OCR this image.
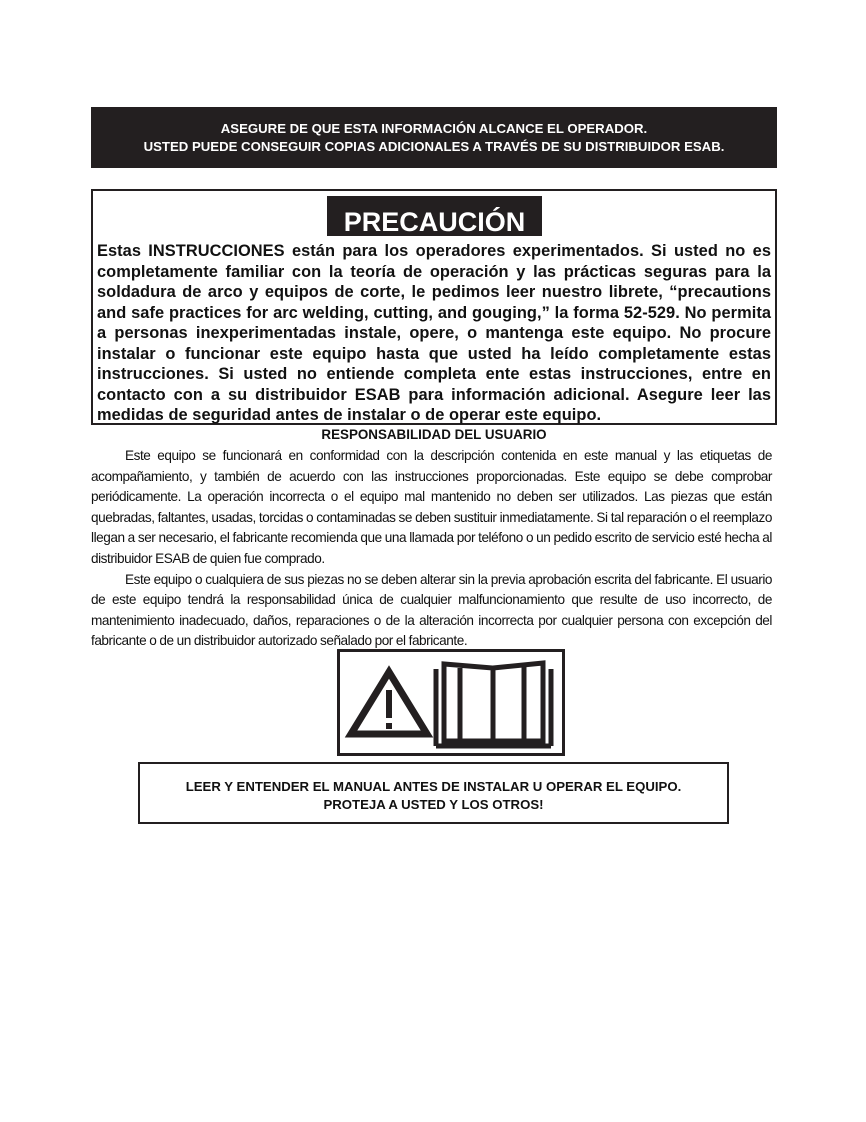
ASEGURE DE QUE ESTA INFORMACIÓN ALCANCE EL OPERADOR.
USTED PUEDE CONSEGUIR COPIAS ADICIONALES A TRAVÉS DE SU DISTRIBUIDOR ESAB.
PRECAUCIÓN
Estas INSTRUCCIONES están para los operadores experimentados. Si usted no es completamente familiar con la teoría de operación y las prácticas seguras para la soldadura de arco y equipos de corte, le pedimos leer nuestro librete, “precautions and safe practices for arc welding, cutting, and gouging,” la forma 52-529. No permita a personas inexperimentadas instale, opere, o mantenga este equipo. No procure instalar o funcionar este equipo hasta que usted ha leído completamente estas instrucciones. Si usted no entiende completa ente estas instrucciones, entre en contacto con a su distribuidor ESAB para información adicional. Asegure leer las medidas de seguridad antes de instalar o de operar este equipo.
RESPONSABILIDAD DEL USUARIO

Este equipo se funcionará en conformidad con la descripción contenida en este manual y las etiquetas de acompañamiento, y también de acuerdo con las instrucciones proporcionadas. Este equipo se debe comprobar periódicamente. La operación incorrecta o el equipo mal mantenido no deben ser utilizados. Las piezas que están quebradas, faltantes, usadas, torcidas o contaminadas se deben sustituir inmediatamente. Si tal reparación o el reemplazo llegan a ser necesario, el fabricante recomienda que una llamada por teléfono o un pedido escrito de servicio esté hecha al distribuidor ESAB de quien fue comprado.

Este equipo o cualquiera de sus piezas no se deben alterar sin la previa aprobación escrita del fabricante. El usuario de este equipo tendrá la responsabilidad única de cualquier malfuncionamiento que resulte de uso incorrecto, de mantenimiento inadecuado, daños, reparaciones o de la alteración incorrecta por cualquier persona con excepción del fabricante o de un distribuidor autorizado señalado por el fabricante.

LEER Y ENTENDER EL MANUAL ANTES DE INSTALAR U OPERAR EL EQUIPO.
PROTEJA A USTED Y LOS OTROS!
